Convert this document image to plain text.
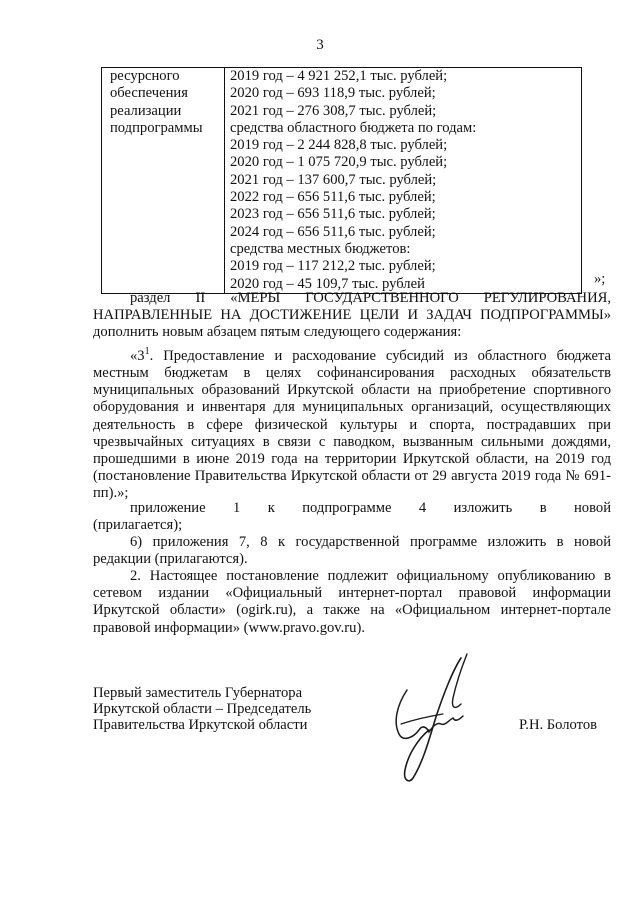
3
ресурсного
обеспечения
реализации
подпрограммы

2019 год – 4 921 252,1 тыс. рублей;
2020 год – 693 118,9 тыс. рублей;
2021 год – 276 308,7 тыс. рублей;
средства областного бюджета по годам:
2019 год – 2 244 828,8 тыс. рублей;
2020 год – 1 075 720,9 тыс. рублей;
2021 год – 137 600,7 тыс. рублей;
2022 год – 656 511,6 тыс. рублей;
2023 год – 656 511,6 тыс. рублей;
2024 год – 656 511,6 тыс. рублей;
средства местных бюджетов:
2019 год – 117 212,2 тыс. рублей;
2020 год – 45 109,7 тыс. рублей	»;
раздел II «МЕРЫ ГОСУДАРСТВЕННОГО РЕГУЛИРОВАНИЯ,
НАПРАВЛЕННЫЕ НА ДОСТИЖЕНИЕ ЦЕЛИ И ЗАДАЧ ПОДПРОГРАММЫ»
дополнить новым абзацем пятым следующего содержания:
«$3^1$. Предоставление и расходование субсидий из областного бюджета местным бюджетам в целях софинансирования расходных обязательств муниципальных образований Иркутской области на приобретение спортивного оборудования и инвентаря для муниципальных организаций, осуществляющих деятельность в сфере физической культуры и спорта, пострадавших при чрезвычайных ситуациях в связи с паводком, вызванным сильными дождями, прошедшими в июне 2019 года на территории Иркутской области, на 2019 год (постановление Правительства Иркутской области от 29 августа 2019 года № 691-пп).»;
приложение 1 к подпрограмме 4 изложить в новой
(прилагается);
6) приложения 7, 8 к государственной программе изложить в новой
редакции (прилагаются).
2. Настоящее постановление подлежит официальному опубликованию в сетевом издании «Официальный интернет-портал правовой информации Иркутской области» (ogirk.ru), а также на «Официальном интернет-портале правовой информации» (www.pravo.gov.ru).
Первый заместитель Губернатора
Иркутской области – Председатель
Правительства Иркутской области	Р.Н. Болотов
